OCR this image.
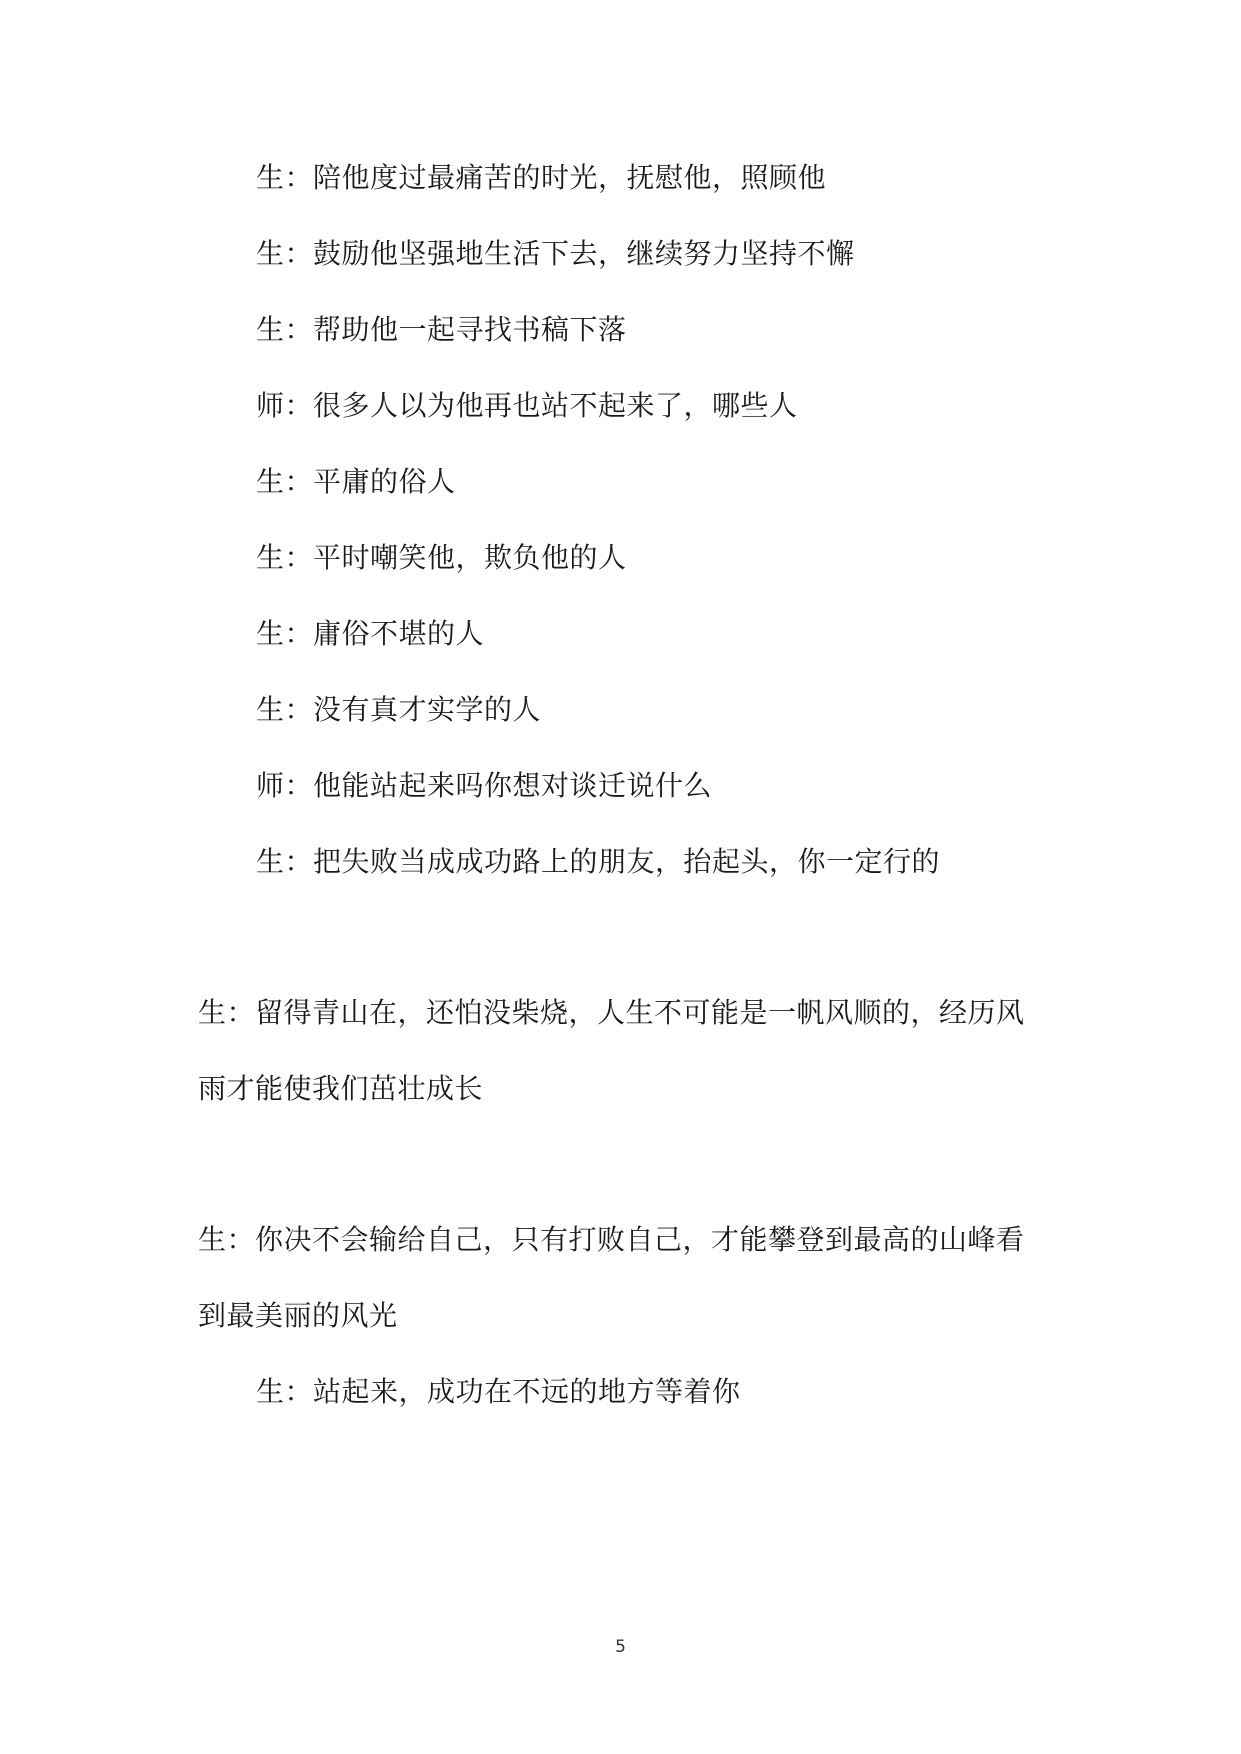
生：陪他度过最痛苦的时光，抚慰他，照顾他
生：鼓励他坚强地生活下去，继续努力坚持不懈
生：帮助他一起寻找书稿下落
师：很多人以为他再也站不起来了，哪些人
生：平庸的俗人
生：平时嘲笑他，欺负他的人
生：庸俗不堪的人
生：没有真才实学的人
师：他能站起来吗你想对谈迁说什么
生：把失败当成成功路上的朋友，抬起头，你一定行的
生：留得青山在，还怕没柴烧，人生不可能是一帆风顺的，经历风
雨才能使我们茁壮成长
生：你决不会输给自己，只有打败自己，才能攀登到最高的山峰看
到最美丽的风光
生：站起来，成功在不远的地方等着你
5
